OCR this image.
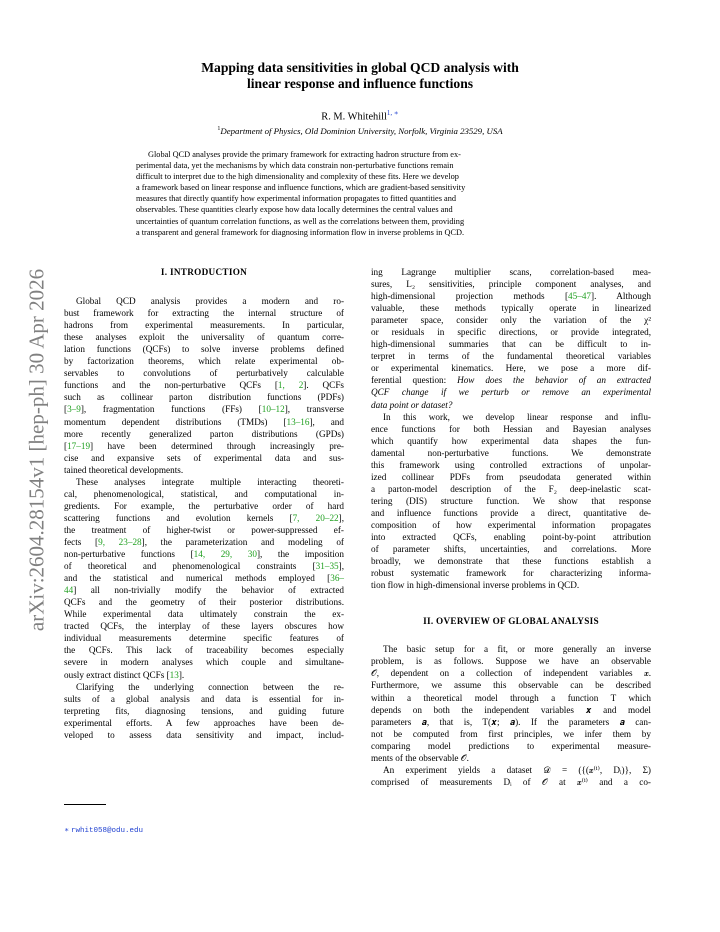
arXiv:2604.28154v1 [hep-ph] 30 Apr 2026
Mapping data sensitivities in global QCD analysis with
linear response and influence functions
R. M. Whitehill$^{1, ∗}$
$^1$Department of Physics, Old Dominion University, Norfolk, Virginia 23529, USA
Global QCD analyses provide the primary framework for extracting hadron structure from ex-
perimental data, yet the mechanisms by which data constrain non-perturbative functions remain
difficult to interpret due to the high dimensionality and complexity of these fits. Here we develop
a framework based on linear response and influence functions, which are gradient-based sensitivity
measures that directly quantify how experimental information propagates to fitted quantities and
observables. These quantities clearly expose how data locally determines the central values and
uncertainties of quantum correlation functions, as well as the correlations between them, providing
a transparent and general framework for diagnosing information flow in inverse problems in QCD.
I. INTRODUCTION
Global QCD analysis provides a modern and ro-
bust framework for extracting the internal structure of
hadrons from experimental measurements. In particular,
these analyses exploit the universality of quantum corre-
lation functions (QCFs) to solve inverse problems defined
by factorization theorems, which relate experimental ob-
servables to convolutions of perturbatively calculable
functions and the non-perturbative QCFs [1, 2]. QCFs
such as collinear parton distribution functions (PDFs)
[3–9], fragmentation functions (FFs) [10–12], transverse
momentum dependent distributions (TMDs) [13–16], and
more recently generalized parton distributions (GPDs)
[17–19] have been determined through increasingly pre-
cise and expansive sets of experimental data and sus-
tained theoretical developments.
These analyses integrate multiple interacting theoreti-
cal, phenomenological, statistical, and computational in-
gredients. For example, the perturbative order of hard
scattering functions and evolution kernels [7, 20–22],
the treatment of higher-twist or power-suppressed ef-
fects [9, 23–28], the parameterization and modeling of
non-perturbative functions [14, 29, 30], the imposition
of theoretical and phenomenological constraints [31–35],
and the statistical and numerical methods employed [36–
44] all non-trivially modify the behavior of extracted
QCFs and the geometry of their posterior distributions.
While experimental data ultimately constrain the ex-
tracted QCFs, the interplay of these layers obscures how
individual measurements determine specific features of
the QCFs. This lack of traceability becomes especially
severe in modern analyses which couple and simultane-
ously extract distinct QCFs [13].
Clarifying the underlying connection between the re-
sults of a global analysis and data is essential for in-
terpreting fits, diagnosing tensions, and guiding future
experimental efforts. A few approaches have been de-
veloped to assess data sensitivity and impact, includ-
ing Lagrange multiplier scans, correlation-based mea-
sures, L₂ sensitivities, principle component analyses, and
high-dimensional projection methods [45–47]. Although
valuable, these methods typically operate in linearized
parameter space, consider only the variation of the χ²
or residuals in specific directions, or provide integrated,
high-dimensional summaries that can be difficult to in-
terpret in terms of the fundamental theoretical variables
or experimental kinematics. Here, we pose a more dif-
ferential question: How does the behavior of an extracted
QCF change if we perturb or remove an experimental
data point or dataset?
In this work, we develop linear response and influ-
ence functions for both Hessian and Bayesian analyses
which quantify how experimental data shapes the fun-
damental non-perturbative functions. We demonstrate
this framework using controlled extractions of unpolar-
ized collinear PDFs from pseudodata generated within
a parton-model description of the F₂ deep-inelastic scat-
tering (DIS) structure function. We show that response
and influence functions provide a direct, quantitative de-
composition of how experimental information propagates
into extracted QCFs, enabling point-by-point attribution
of parameter shifts, uncertainties, and correlations. More
broadly, we demonstrate that these functions establish a
robust systematic framework for characterizing informa-
tion flow in high-dimensional inverse problems in QCD.
II. OVERVIEW OF GLOBAL ANALYSIS
The basic setup for a fit, or more generally an inverse
problem, is as follows. Suppose we have an observable
𝒪, dependent on a collection of independent variables 𝒙.
Furthermore, we assume this observable can be described
within a theoretical model through a function T which
depends on both the independent variables 𝒙 and model
parameters 𝒂, that is, T(𝒙; 𝒂). If the parameters 𝒂 can-
not be computed from first principles, we infer them by
comparing model predictions to experimental measure-
ments of the observable 𝒪.
An experiment yields a dataset 𝒟 = ({(𝒙⁽ⁱ⁾, Dᵢ)}, Σ)
comprised of measurements Dᵢ of 𝒪 at 𝒙⁽ⁱ⁾ and a co-
∗ rwhit058@odu.edu
